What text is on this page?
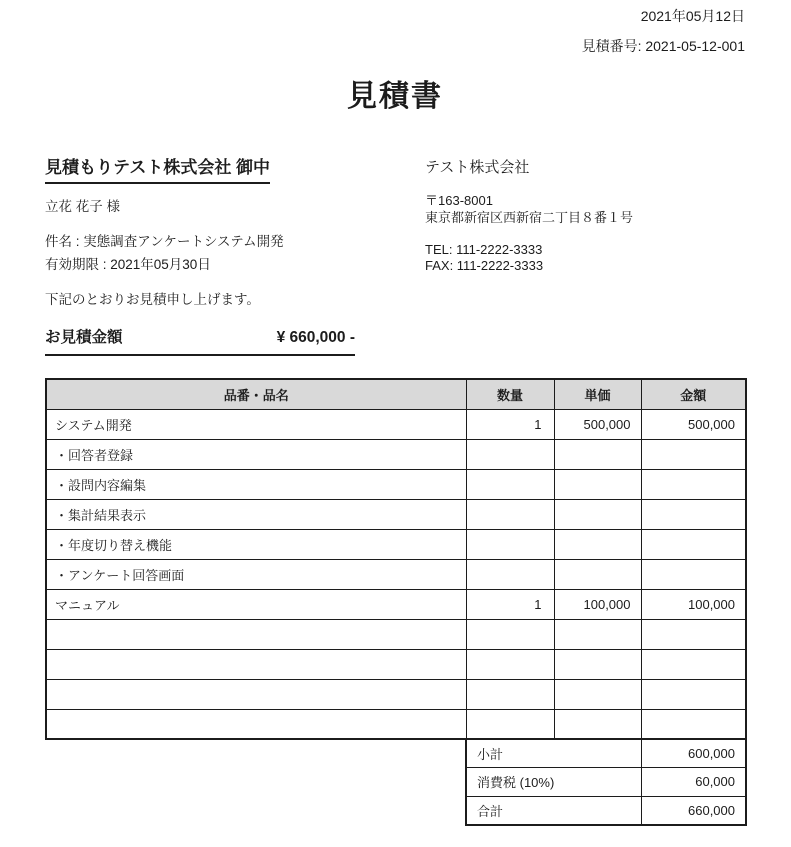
2021年05月12日
見積番号: 2021-05-12-001
見積書
見積もりテスト株式会社 御中
立花 花子 様
件名 : 実態調査アンケートシステム開発
有効期限 : 2021年05月30日
下記のとおりお見積申し上げます。
テスト株式会社
〒163-8001
東京都新宿区西新宿二丁目８番１号
TEL: 111-2222-3333
FAX: 111-2222-3333
お見積金額	¥ 660,000 -
品番・品名	数量	単価	金額
システム開発	1	500,000	500,000
・回答者登録			
・設問内容編集			
・集計結果表示			
・年度切り替え機能			
・アンケート回答画面			
マニュアル	1	100,000	100,000

小計	600,000
消費税 (10%)	60,000
合計	660,000
